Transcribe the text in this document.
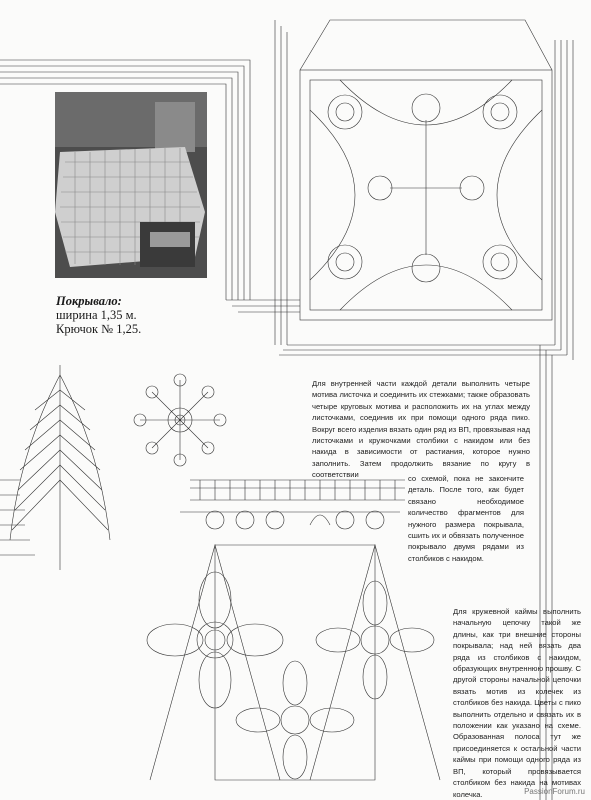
Покрывало:
ширина 1,35 м.
Крючок № 1,25.
Для внутренней части каждой детали выполнить четыре мотива листочка и соединить их стежками; также образовать четыре круговых мотива и расположить их на углах между листочками, соединив их при помощи одного ряда пико. Вокруг всего изделия вязать один ряд из ВП, провязывая над листочками и кружочками столбики с накидом или без накида в зависимости от растиания, которое нужно заполнить. Затем продолжить вязание по кругу в соответствии	со схемой, пока не закончите деталь. После того, как будет связано необходимое количество фрагментов для нужного размера покрывала, сшить их и обвязать полученное покрывало двумя рядами из столбиков с накидом.
Для кружевной каймы выполнить начальную цепочку такой же длины, как три внешние стороны покрывала; над ней вязать два ряда из столбиков с накидом, образующих внутреннюю прошву. С другой стороны начальной цепочки вязать мотив из колечек из столбиков без накида. Цветы с пико выполнить отдельно и связать их в положении как указано на схеме. Образованная полоса тут же присоединяется к остальной части каймы при помощи одного ряда из ВП, который провязывается столбиком без накида на мотивах колечка.	PassionForum.ru
